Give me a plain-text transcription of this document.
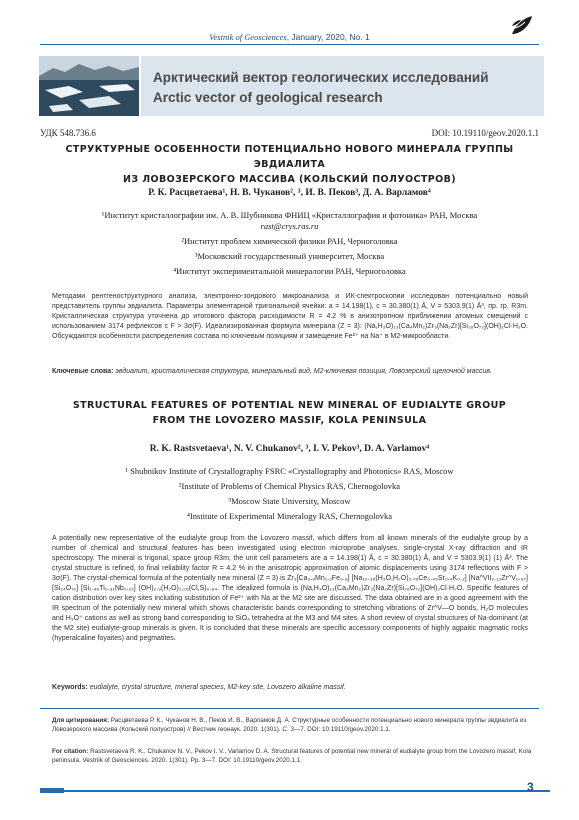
Vestnik of Geosciences, January, 2020, No. 1
Арктический вектор геологических исследований
Arctic vector of geological research
УДК 548.736.6	DOI: 10.19110/geov.2020.1.1
СТРУКТУРНЫЕ ОСОБЕННОСТИ ПОТЕНЦИАЛЬНО НОВОГО МИНЕРАЛА ГРУППЫ ЭВДИАЛИТА
ИЗ ЛОВОЗЕРСКОГО МАССИВА (КОЛЬСКИЙ ПОЛУОСТРОВ)
Р. К. Расцветаева¹, Н. В. Чуканов², ³, И. В. Пеков³, Д. А. Варламов⁴
¹Институт кристаллографии им. А. В. Шубникова ФНИЦ «Кристаллография и фотоника» РАН, Москва
rast@crys.ras.ru
²Институт проблем химической физики РАН, Черноголовка
³Московский государственный университет, Москва
⁴Институт экспериментальной минералогии РАН, Черноголовка
Методами рентгеноструктурного анализа, электронно-зондового микроанализа и ИК-спектроскопии исследован потенциально новый представитель группы эвдиалита. Параметры элементарной тригональной ячейки: a = 14.198(1), c = 30.380(1) Å, V = 5303.9(1) Å³, пр. гр. R3m. Кристаллическая структура уточнена до итогового фактора расходимости R = 4.2 % в анизотропном приближении атомных смещений с использованием 3174 рефлексов с F > 3σ(F). Идеализированная формула минерала (Z = 3): (Na,H₃O)₁₃(Ca₄Mn₂)Zr₃(Na₂Zr)[Si₂₆O₇₂](OH)₂Cl·H₂O. Обсуждаются особенности распределения состава по ключевым позициям и замещение Fe²⁺ на Na⁺ в M2-микрообласти.
Ключевые слова: эвдиалит, кристаллическая структура, минеральный вид, M2-ключевая позиция, Ловозерский щелочной массив.
STRUCTURAL FEATURES OF POTENTIAL NEW MINERAL OF EUDIALYTE GROUP
FROM THE LOVOZERO MASSIF, KOLA PENINSULA
R. K. Rastsvetaeva¹, N. V. Chukanov², ³, I. V. Pekov³, D. A. Varlamov⁴
¹ Shubnikov Institute of Crystallography FSRC «Crystallography and Photonics» RAS, Moscow
²Institute of Problems of Chemical Physics RAS, Chernogolovka
³Moscow State University, Moscow
⁴Institute of Experimental Mineralogy RAS, Chernogolovka
A potentially new representative of the eudialyte group from the Lovozero massif, which differs from all known minerals of the eudialyte group by a number of chemical and structural features has been investigated using electron microprobe analyses, single-crystal X-ray diffraction and IR spectroscopy. The mineral is trigonal, space group R3m; the unit cell parameters are a = 14.198(1) Å, c = 30.380(1) Å, and V = 5303.9(1) (1) Å³. The crystal structure is refined, to final reliability factor R = 4.2 % in the anisotropic approximation of atomic displacements using 3174 reflections with F > 3σ(F). The crystal-chemical formula of the potentially new mineral (Z = 3) is Zr₃[Ca₃.₉Mn₁.₂Fe₀.₉] [Na₁₀.₃₈(H₃O,H₂O)₂.₇₉Ce₀.₄₅Sr₀.₄K₀.₂] [Na^VII₂.₁₃Zr^V₀.₈₇] [Si₂₄O₇₂] [Si₁.₄₈Ti₀.₃₁Nb₀.₂₁] (OH)₂.₉(H₂O)₁.₂₆(Cl,S)₀.₉₄. The idealized formula is (Na,H₃O)₁₃(Ca₄Mn₂)Zr₃(Na₂Zr)[Si₂₆O₇₂](OH)₂Cl·H₂O. Specific features of cation distribution over key sites including substitution of Fe²⁺ with Na at the M2 site are discussed. The data obtained are in a good agreement with the IR spectrum of the potentially new mineral which shows characteristic bands corresponding to stretching vibrations of Zr^V—O bonds, H₂O molecules and H₃O⁺ cations as well as strong band corresponding to SiO₄ tetrahedra at the M3 and M4 sites. A short review of crystal structures of Na-dominant (at the M2 site) eudialyte-group minerals is given. It is concluded that these minerals are specific accessory components of highly agpaitic magmatic rocks (hyperalcaline foyaites) and pegmatites.
Keywords: eudialyte, crystal structure, mineral species, M2-key site, Lovozero alkaline massif.
Для цитирования: Расцветаева Р. К., Чуканов Н. В., Пеков И. В., Варламов Д. А. Структурные особенности потенциально нового минерала группы эвдиалита из Ловозерского массива (Кольский полуостров) // Вестник геонаук. 2020. 1(301). С. 3—7. DOI: 10.19110/geov.2020.1.1.
For citation: Rastsvetaeva R. K., Chukanov N. V., Pekov I. V., Varlamov D. A. Structural features of potential new mineral of eudialyte group from the Lovozero massif, Kola peninsula. Vestnik of Geosciences. 2020. 1(301). Pp. 3—7. DOI: 10.19110/geov.2020.1.1.
3
